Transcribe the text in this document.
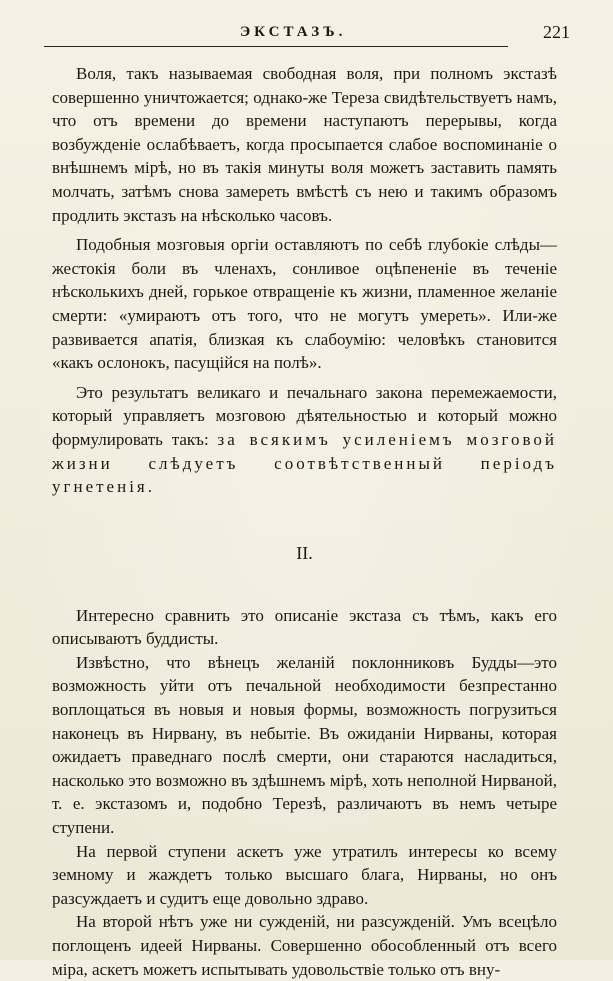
ЭКСТАЗЪ.	221

Воля, такъ называемая свободная воля, при полномъ экстазѣ совершенно уничтожается; однако-же Тереза свидѣтельствуетъ намъ, что отъ времени до времени наступаютъ перерывы, когда возбужденіе ослабѣваетъ, когда просыпается слабое воспоминаніе о внѣшнемъ мірѣ, но въ такія минуты воля можетъ заставить память молчать, затѣмъ снова замереть вмѣстѣ съ нею и такимъ образомъ продлить экстазъ на нѣсколько часовъ.

Подобныя мозговыя оргіи оставляютъ по себѣ глубокіе слѣды—жестокія боли въ членахъ, сонливое оцѣпененіе въ теченіе нѣсколькихъ дней, горькое отвращеніе къ жизни, пламенное желаніе смерти: «умираютъ отъ того, что не могутъ умереть». Или-же развивается апатія, близкая къ слабоумію: человѣкъ становится «какъ ослонокъ, пасущійся на полѣ».

Это результатъ великаго и печальнаго закона перемежаемости, который управляетъ мозговою дѣятельностью и который можно формулировать такъ: за всякимъ усиленіемъ мозговой жизни слѣдуетъ соотвѣтственный періодъ угнетенія.

II.

Интересно сравнить это описаніе экстаза съ тѣмъ, какъ его описываютъ буддисты.

Извѣстно, что вѣнецъ желаній поклонниковъ Будды—это возможность уйти отъ печальной необходимости безпрестанно воплощаться въ новыя и новыя формы, возможность погрузиться наконецъ въ Нирвану, въ небытіе. Въ ожиданіи Нирваны, которая ожидаетъ праведнаго послѣ смерти, они стараются насладиться, насколько это возможно въ здѣшнемъ мірѣ, хоть неполной Нирваной, т. е. экстазомъ и, подобно Терезѣ, различаютъ въ немъ четыре ступени.

На первой ступени аскетъ уже утратилъ интересы ко всему земному и жаждетъ только высшаго блага, Нирваны, но онъ разсуждаетъ и судитъ еще довольно здраво.

На второй нѣтъ уже ни сужденій, ни разсужденій. Умъ всецѣло поглощенъ идеей Нирваны. Совершенно обособленный отъ всего міра, аскетъ можетъ испытывать удовольствіе только отъ вну-
